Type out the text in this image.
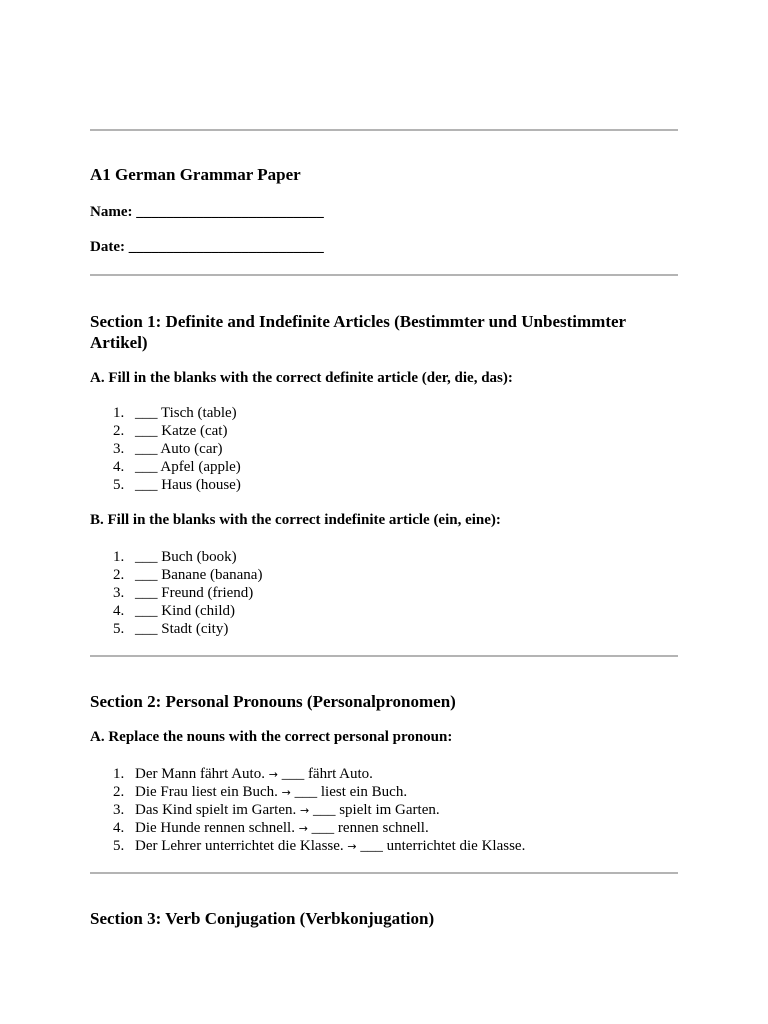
A1 German Grammar Paper
Name: _________________________
Date: __________________________
Section 1: Definite and Indefinite Articles (Bestimmter und Unbestimmter Artikel)
A. Fill in the blanks with the correct definite article (der, die, das):
1. ___ Tisch (table)
2. ___ Katze (cat)
3. ___ Auto (car)
4. ___ Apfel (apple)
5. ___ Haus (house)
B. Fill in the blanks with the correct indefinite article (ein, eine):
1. ___ Buch (book)
2. ___ Banane (banana)
3. ___ Freund (friend)
4. ___ Kind (child)
5. ___ Stadt (city)
Section 2: Personal Pronouns (Personalpronomen)
A. Replace the nouns with the correct personal pronoun:
1. Der Mann fährt Auto. → ___ fährt Auto.
2. Die Frau liest ein Buch. → ___ liest ein Buch.
3. Das Kind spielt im Garten. → ___ spielt im Garten.
4. Die Hunde rennen schnell. → ___ rennen schnell.
5. Der Lehrer unterrichtet die Klasse. → ___ unterrichtet die Klasse.
Section 3: Verb Conjugation (Verbkonjugation)
